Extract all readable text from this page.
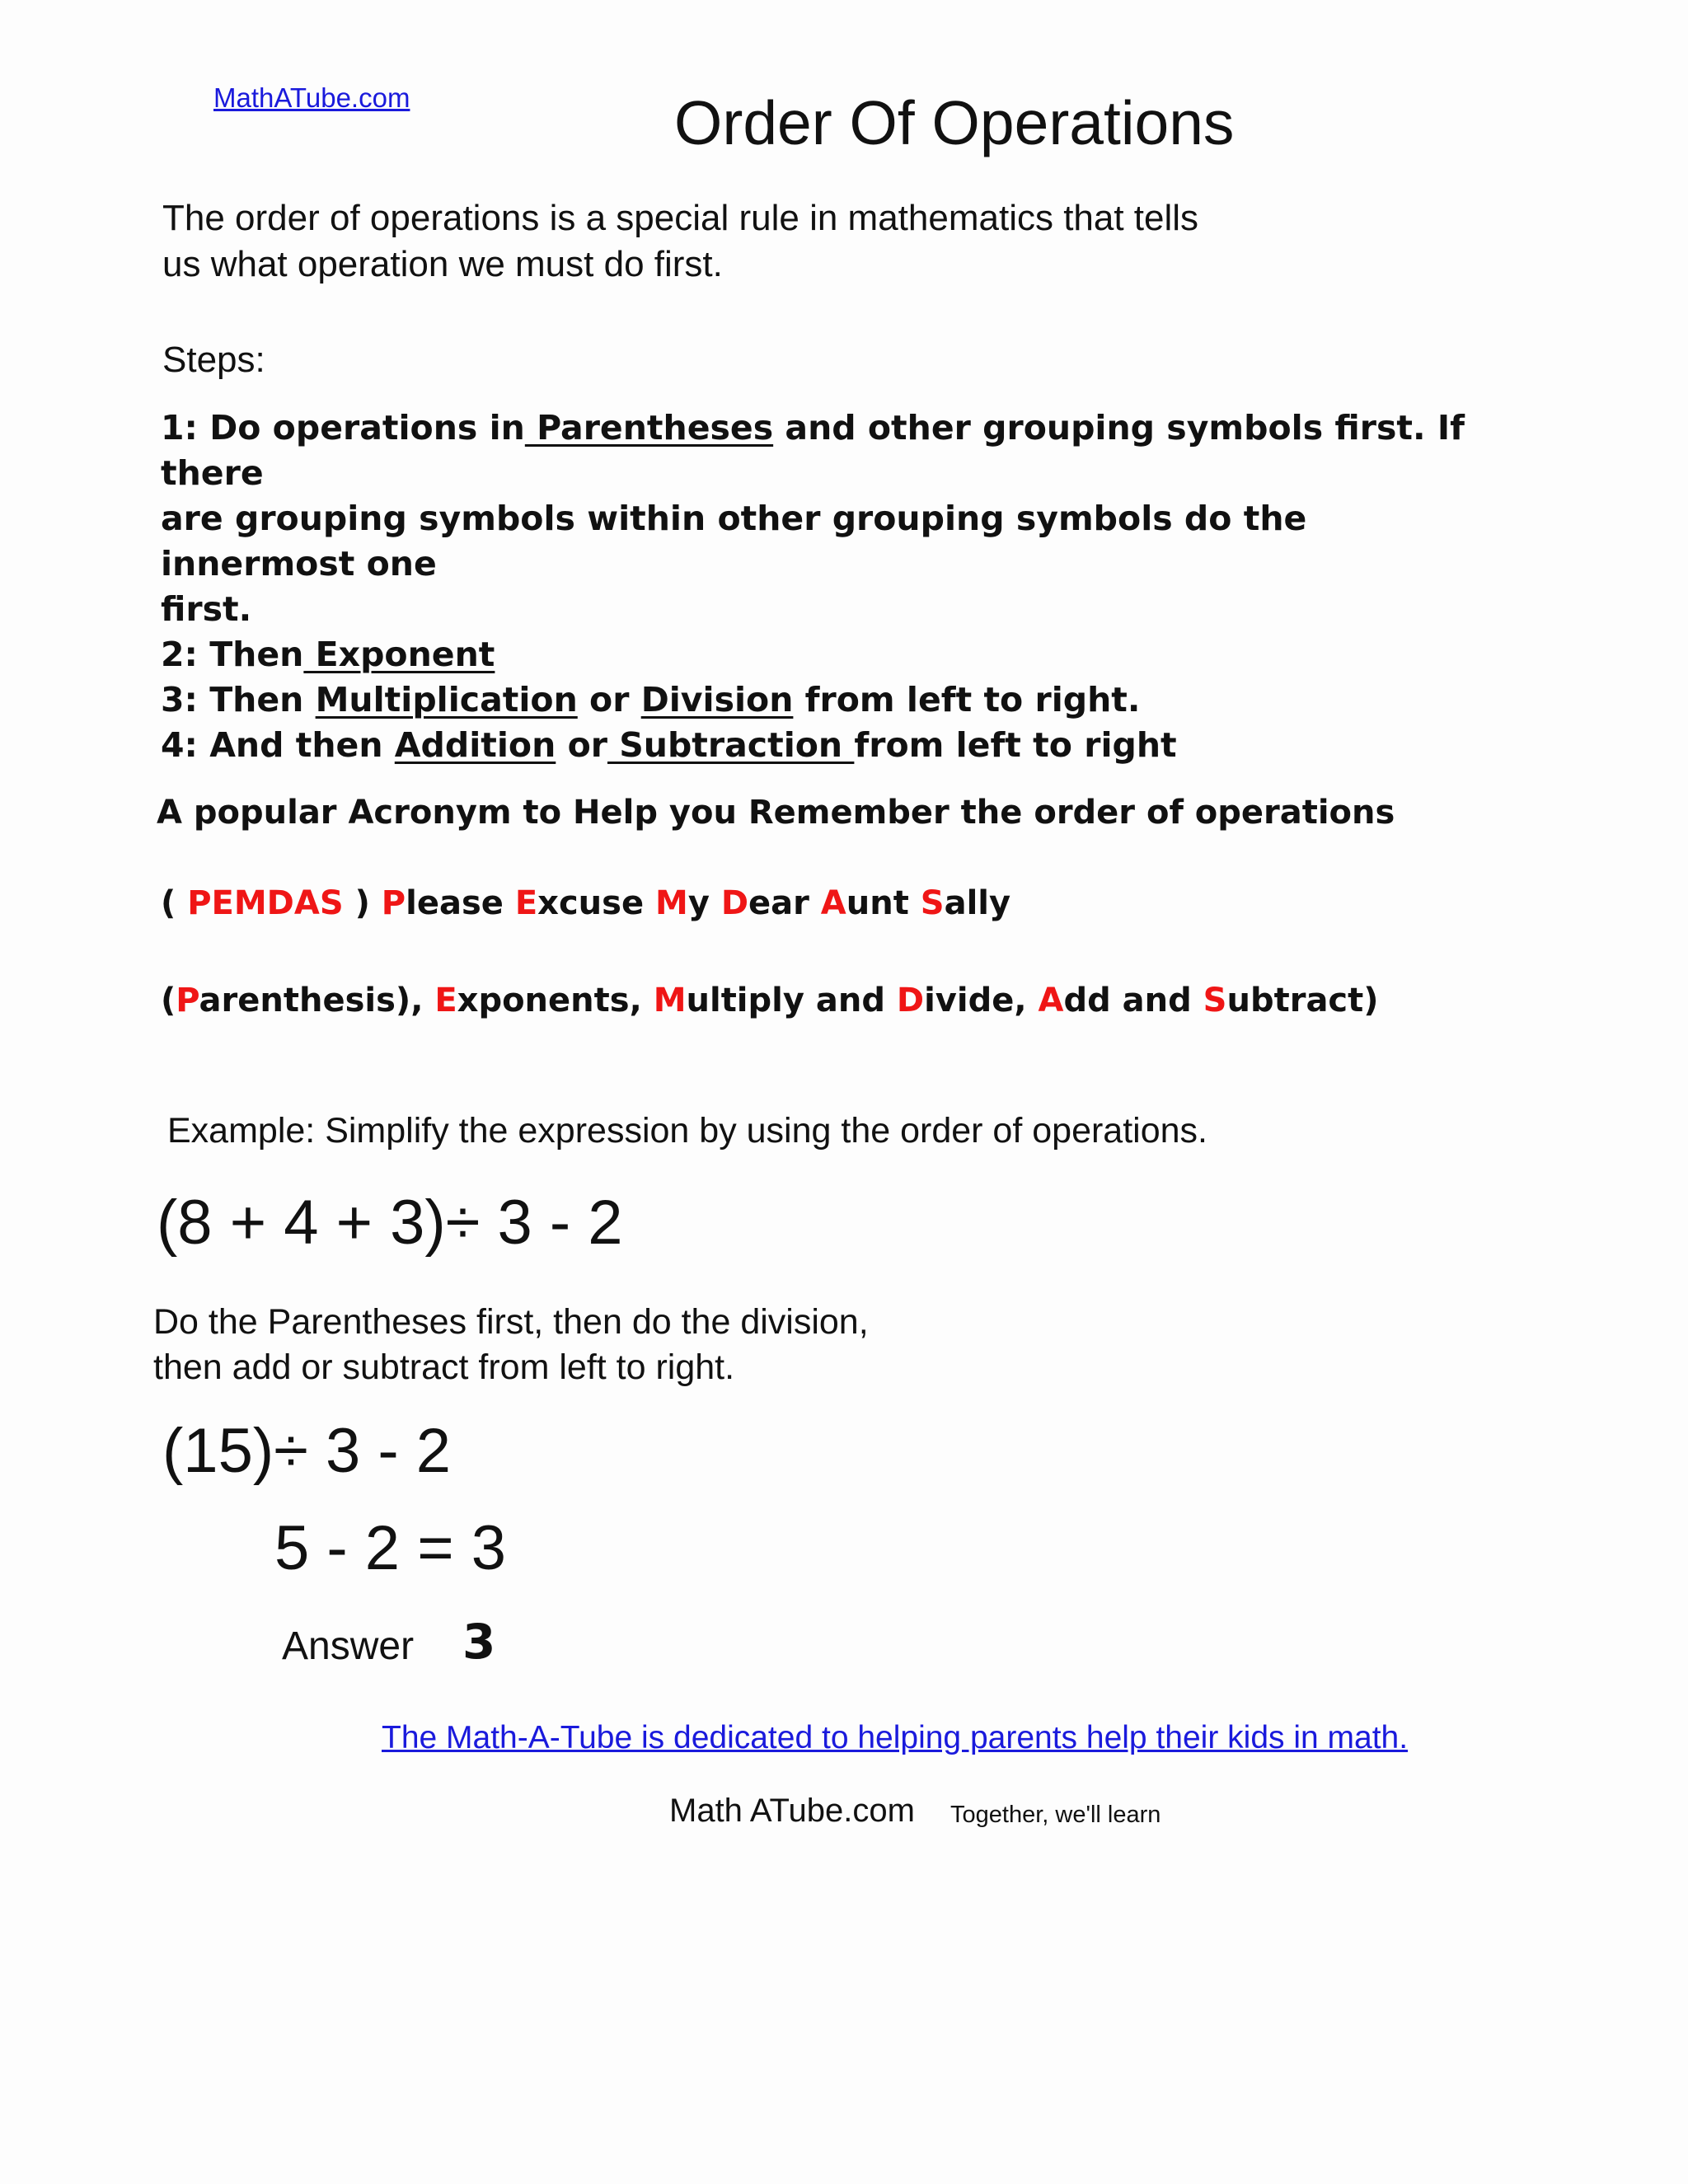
MathATube.com	Order Of Operations
The order of operations is a special rule in mathematics that tells
us what operation we must do first.
Steps:
1: Do operations in Parentheses and other grouping symbols first. If
there
are grouping symbols within other grouping symbols do the
innermost one
first.
2: Then Exponent
3: Then Multiplication or Division from left to right.
4: And then Addition or Subtraction from left to right
A popular Acronym to Help you Remember the order of operations
( PEMDAS ) Please Excuse My Dear Aunt Sally
(Parenthesis), Exponents, Multiply and Divide, Add and Subtract)
Example: Simplify the expression by using the order of operations.
(8 + 4 + 3)÷ 3 - 2
Do the Parentheses first, then do the division,
then add or subtract from left to right.
(15)÷ 3 - 2
5 - 2 = 3
Answer 3
The Math-A-Tube is dedicated to helping parents help their kids in math.
Math ATube.com Together, we'll learn
